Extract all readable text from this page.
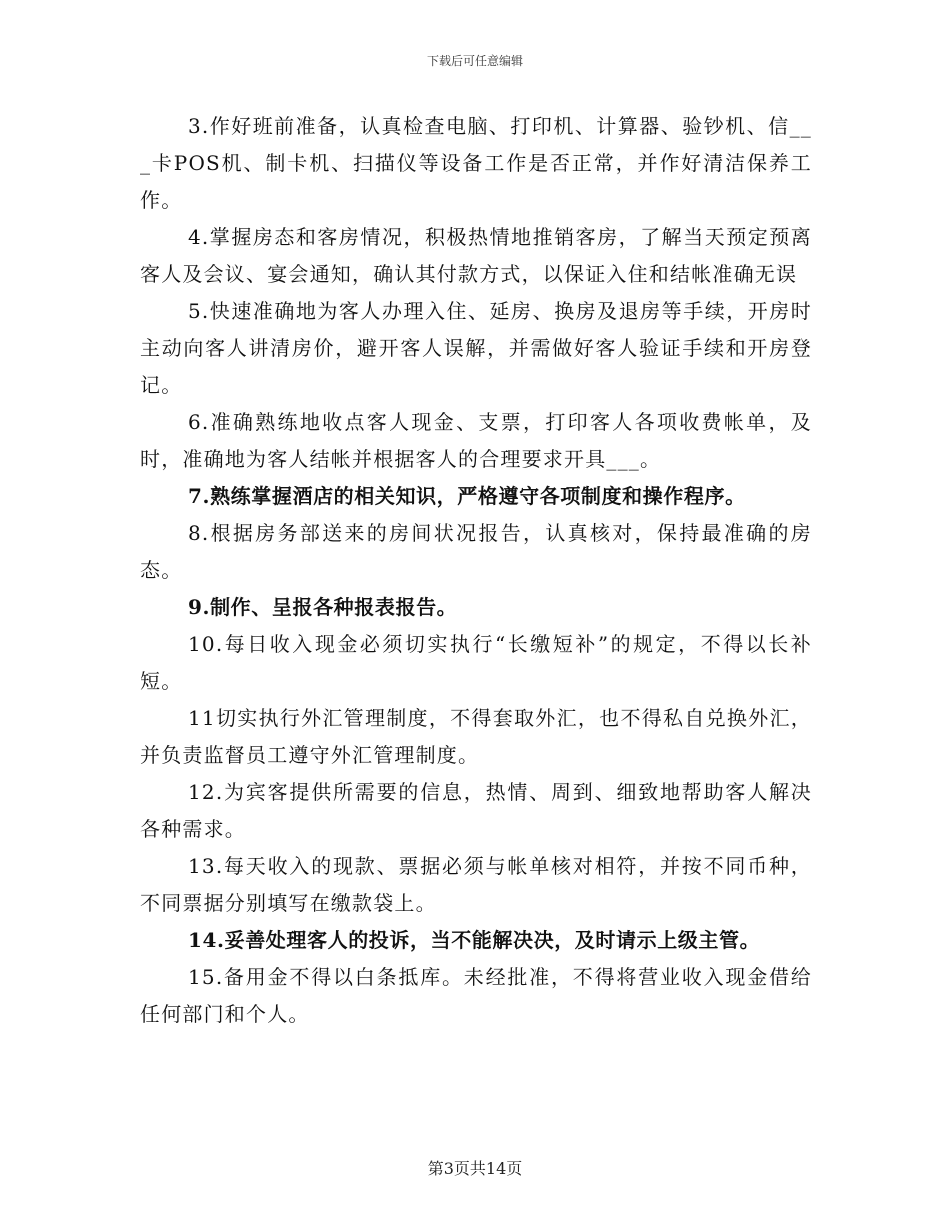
下载后可任意编辑

3.作好班前准备，认真检查电脑、打印机、计算器、验钞机、信___卡POS机、制卡机、扫描仪等设备工作是否正常，并作好清洁保养工作。

4.掌握房态和客房情况，积极热情地推销客房，了解当天预定预离客人及会议、宴会通知，确认其付款方式，以保证入住和结帐准确无误

5.快速准确地为客人办理入住、延房、换房及退房等手续，开房时主动向客人讲清房价，避开客人误解，并需做好客人验证手续和开房登记。

6.准确熟练地收点客人现金、支票，打印客人各项收费帐单，及时，准确地为客人结帐并根据客人的合理要求开具___。

7.熟练掌握酒店的相关知识，严格遵守各项制度和操作程序。

8.根据房务部送来的房间状况报告，认真核对，保持最准确的房态。

9.制作、呈报各种报表报告。

10.每日收入现金必须切实执行“长缴短补”的规定，不得以长补短。

11切实执行外汇管理制度，不得套取外汇，也不得私自兑换外汇，并负责监督员工遵守外汇管理制度。

12.为宾客提供所需要的信息，热情、周到、细致地帮助客人解决各种需求。

13.每天收入的现款、票据必须与帐单核对相符，并按不同币种，不同票据分别填写在缴款袋上。

14.妥善处理客人的投诉，当不能解决决，及时请示上级主管。

15.备用金不得以白条抵库。未经批准，不得将营业收入现金借给任何部门和个人。

第3页共14页
